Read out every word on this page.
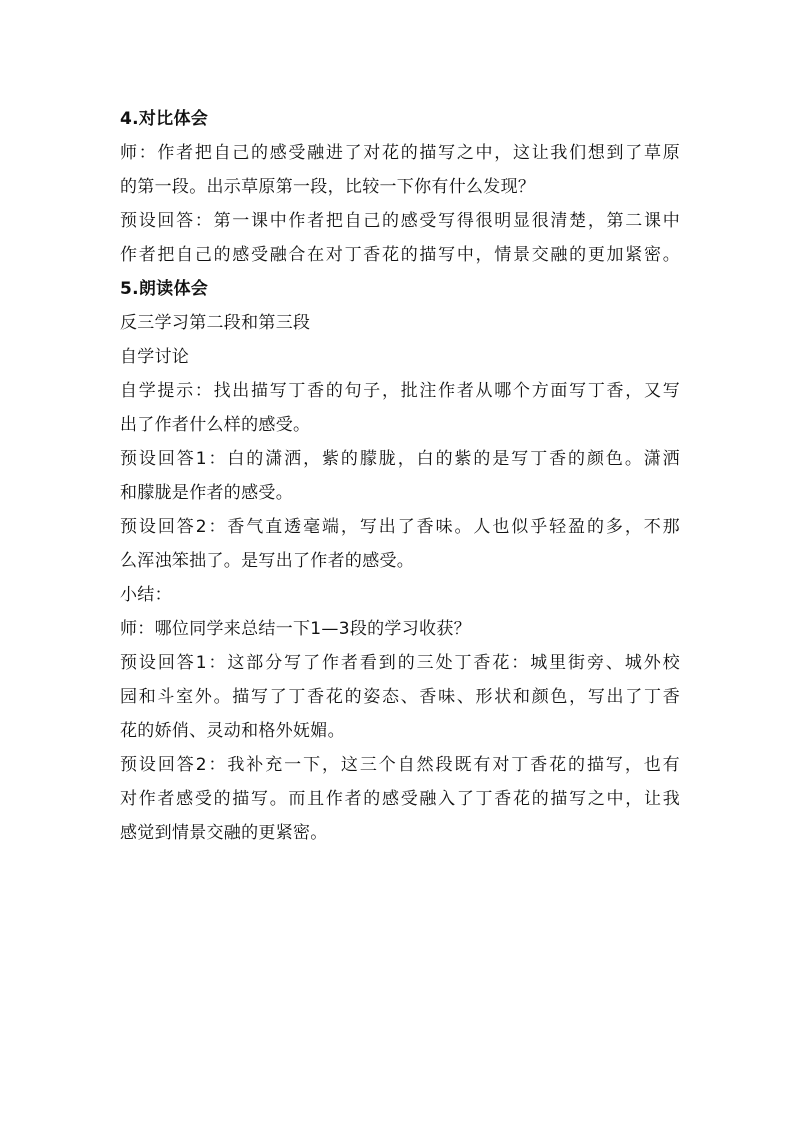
4.对比体会

师：作者把自己的感受融进了对花的描写之中，这让我们想到了草原

的第一段。出示草原第一段，比较一下你有什么发现？

预设回答：第一课中作者把自己的感受写得很明显很清楚，第二课中

作者把自己的感受融合在对丁香花的描写中，情景交融的更加紧密。

5.朗读体会

反三学习第二段和第三段

自学讨论

自学提示：找出描写丁香的句子，批注作者从哪个方面写丁香，又写

出了作者什么样的感受。

预设回答1：白的潇洒，紫的朦胧，白的紫的是写丁香的颜色。潇洒

和朦胧是作者的感受。

预设回答2：香气直透毫端，写出了香味。人也似乎轻盈的多，不那

么浑浊笨拙了。是写出了作者的感受。

小结：

师：哪位同学来总结一下1—3段的学习收获？

预设回答1：这部分写了作者看到的三处丁香花：城里街旁、城外校

园和斗室外。描写了丁香花的姿态、香味、形状和颜色，写出了丁香

花的娇俏、灵动和格外妩媚。

预设回答2：我补充一下，这三个自然段既有对丁香花的描写，也有

对作者感受的描写。而且作者的感受融入了丁香花的描写之中，让我

感觉到情景交融的更紧密。
